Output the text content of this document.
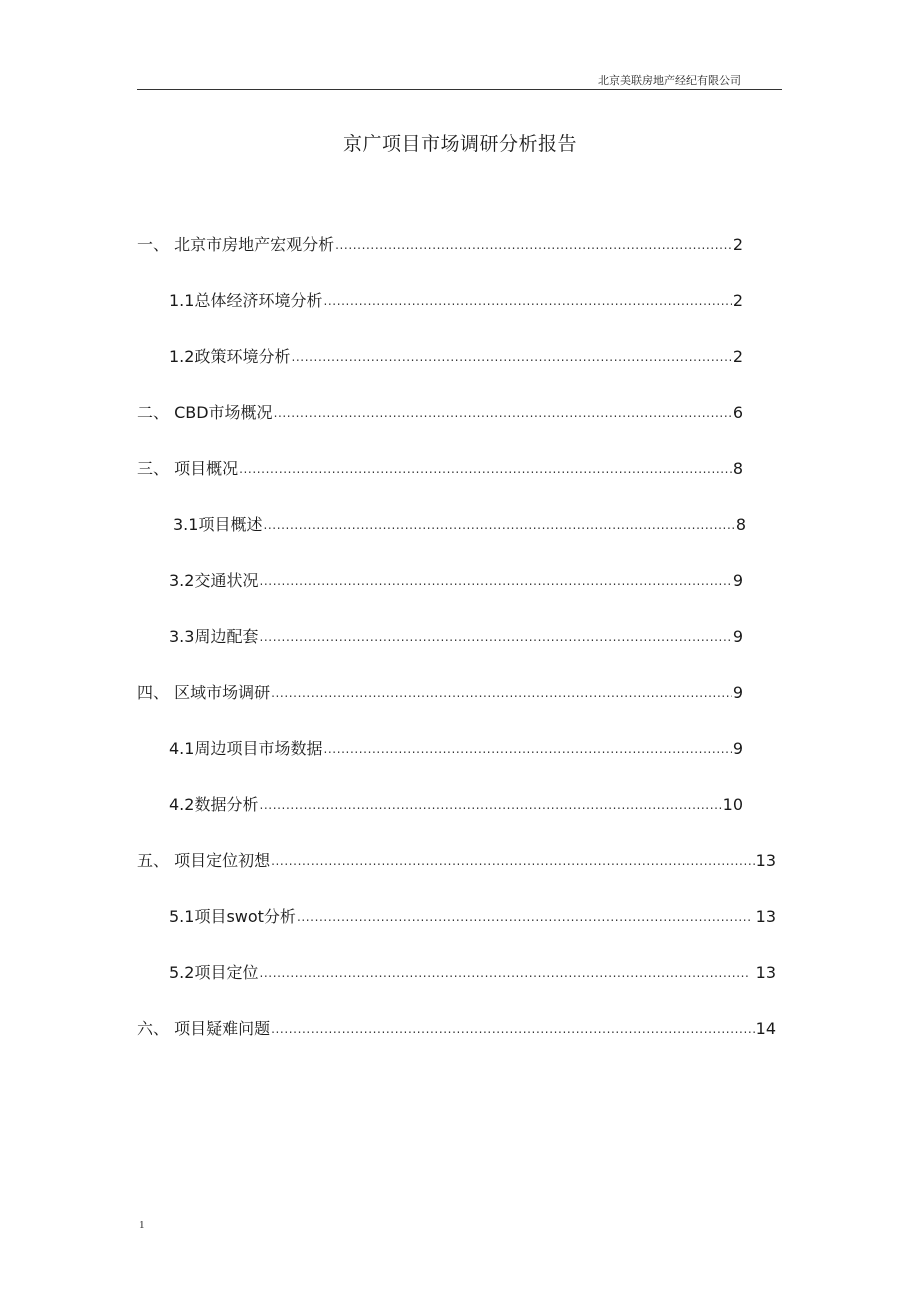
北京美联房地产经纪有限公司
京广项目市场调研分析报告
一、 北京市房地产宏观分析 .....	2
1.1总体经济环境分析 .....	2
1.2政策环境分析 .....	2
二、 CBD市场概况 .....	6
三、 项目概况 .....	8
3.1项目概述 .....	8
3.2交通状况 .....	9
3.3周边配套 .....	9
四、 区域市场调研 .....	9
4.1周边项目市场数据 .....	9
4.2数据分析 .....	10
五、 项目定位初想 .....	13
5.1项目swot分析 .....	13
5.2项目定位 .....	13
六、 项目疑难问题 .....	14
1
